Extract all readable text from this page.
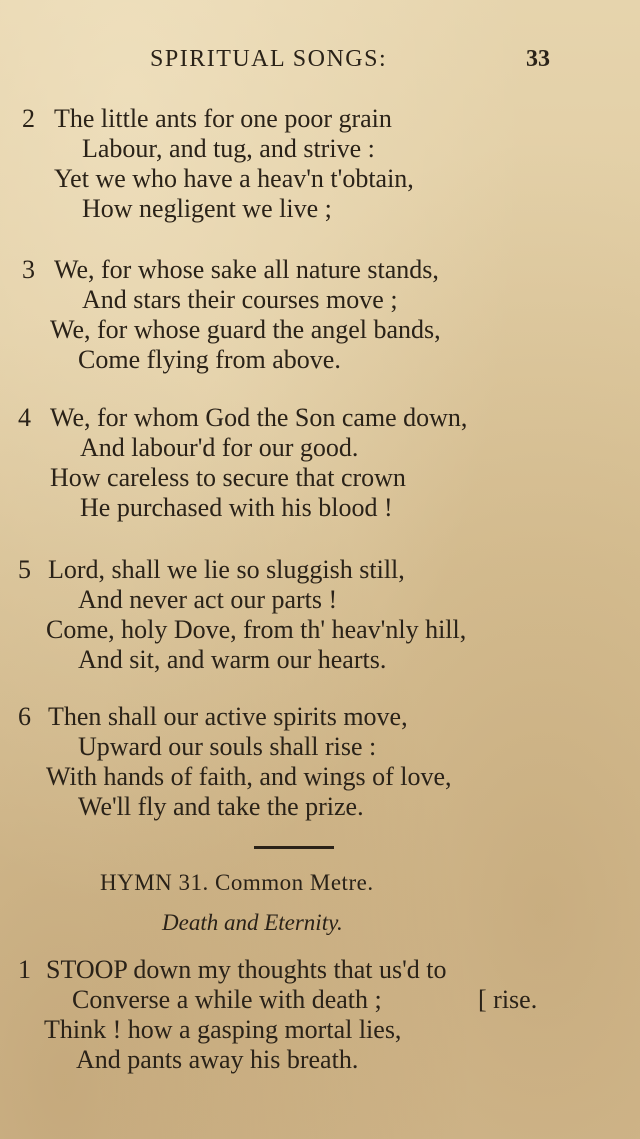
SPIRITUAL SONGS:	33
2 The little ants for one poor grain
Labour, and tug, and strive :
Yet we who have a heav'n t'obtain,
How negligent we live ;
3 We, for whose sake all nature stands,
And stars their courses move ;
We, for whose guard the angel bands,
Come flying from above.
4 We, for whom God the Son came down,
And labour'd for our good.
How careless to secure that crown
He purchased with his blood !
5 Lord, shall we lie so sluggish still,
And never act our parts !
Come, holy Dove, from th' heav'nly hill,
And sit, and warm our hearts.
6 Then shall our active spirits move,
Upward our souls shall rise :
With hands of faith, and wings of love,
We'll fly and take the prize.
HYMN 31. Common Metre.
Death and Eternity.
1 STOOP down my thoughts that us'd to
Converse a while with death ;	[ rise.
Think ! how a gasping mortal lies,
And pants away his breath.
